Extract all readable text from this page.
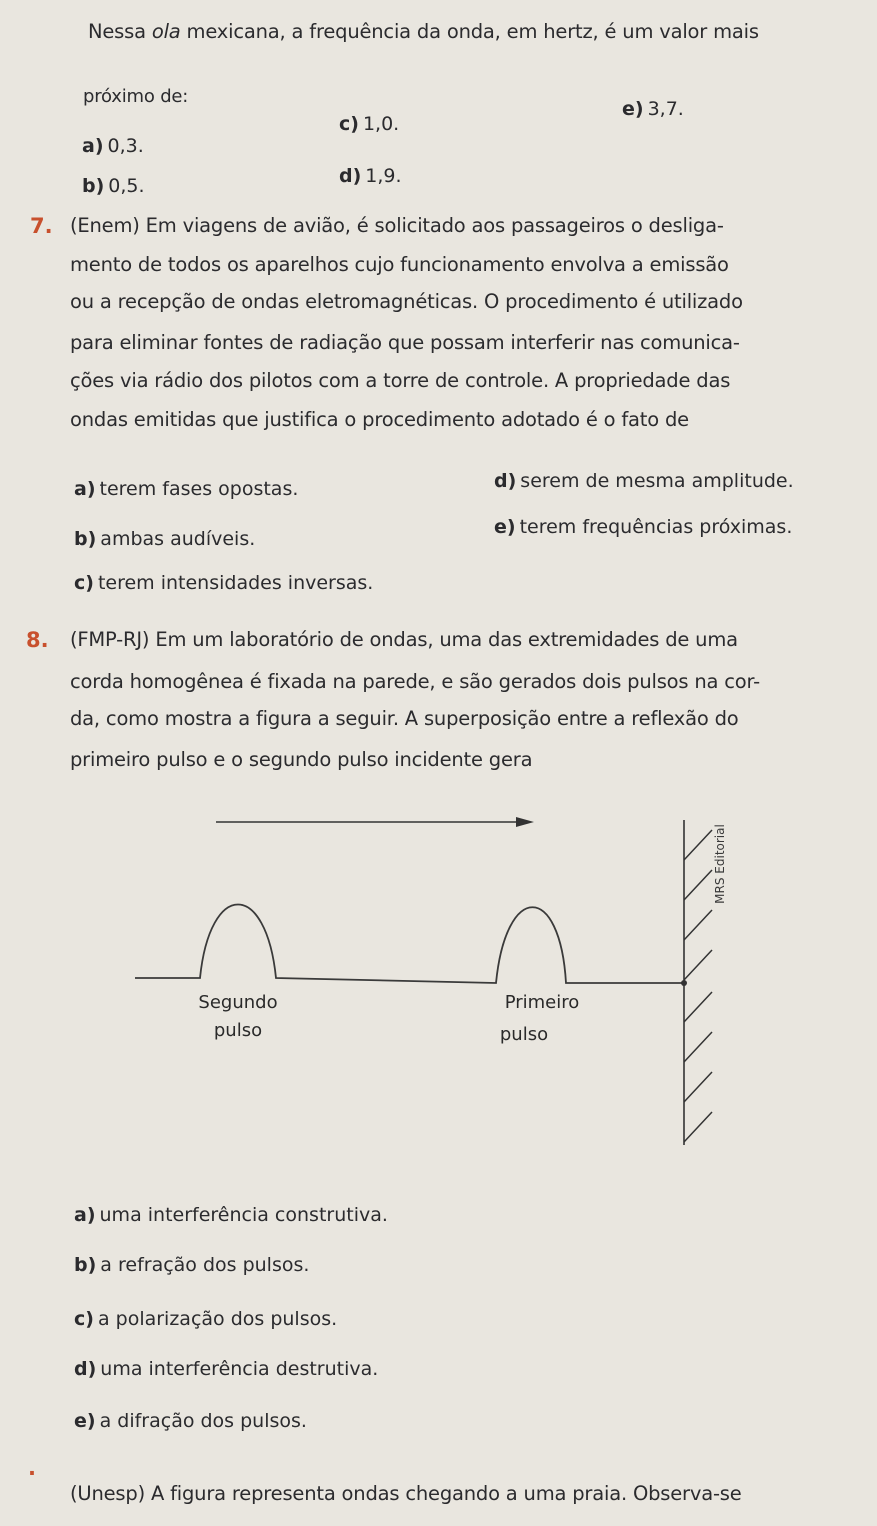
Nessa ola mexicana, a frequência da onda, em hertz, é um valor mais
próximo de:
a) 0,3.
b) 0,5.
c) 1,0.
d) 1,9.
e) 3,7.
7. (Enem) Em viagens de avião, é solicitado aos passageiros o desliga-
mento de todos os aparelhos cujo funcionamento envolva a emissão
ou a recepção de ondas eletromagnéticas. O procedimento é utilizado
para eliminar fontes de radiação que possam interferir nas comunica-
ções via rádio dos pilotos com a torre de controle. A propriedade das
ondas emitidas que justifica o procedimento adotado é o fato de
a) terem fases opostas.
b) ambas audíveis.
c) terem intensidades inversas.
d) serem de mesma amplitude.
e) terem frequências próximas.
8. (FMP-RJ) Em um laboratório de ondas, uma das extremidades de uma
corda homogênea é fixada na parede, e são gerados dois pulsos na cor-
da, como mostra a figura a seguir. A superposição entre a reflexão do
primeiro pulso e o segundo pulso incidente gera
Segundo
pulso
Primeiro
pulso
MRS Editorial
a) uma interferência construtiva.
b) a refração dos pulsos.
c) a polarização dos pulsos.
d) uma interferência destrutiva.
e) a difração dos pulsos.
.
(Unesp) A figura representa ondas chegando a uma praia. Observa-se
